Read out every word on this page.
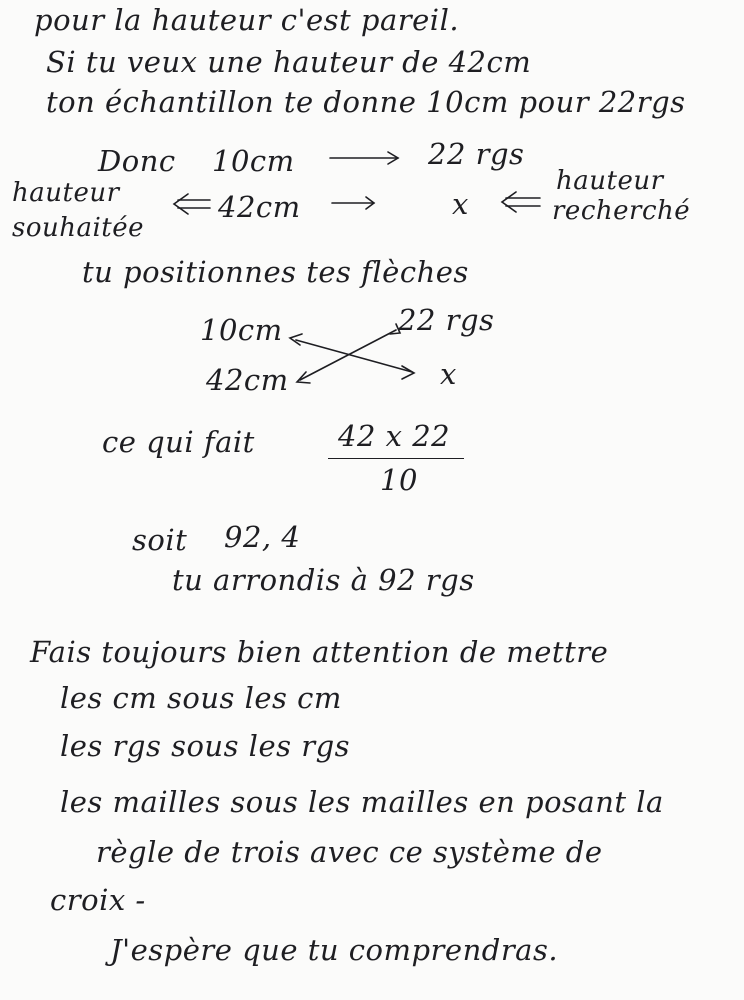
pour la hauteur c'est pareil.
Si tu veux une hauteur de 42cm
ton échantillon te donne 10cm pour 22rgs
Donc 10cm	22 rgs
hauteur
souhaitée
42cm	x
hauteur
recherché
tu positionnes tes flèches
10cm	22 rgs
42cm	x
ce qui fait	42 x 22
10
soit 92, 4
tu arrondis à 92 rgs
Fais toujours bien attention de mettre
les cm sous les cm
les rgs sous les rgs
les mailles sous les mailles en posant la
règle de trois avec ce système de
croix -
J'espère que tu comprendras.
